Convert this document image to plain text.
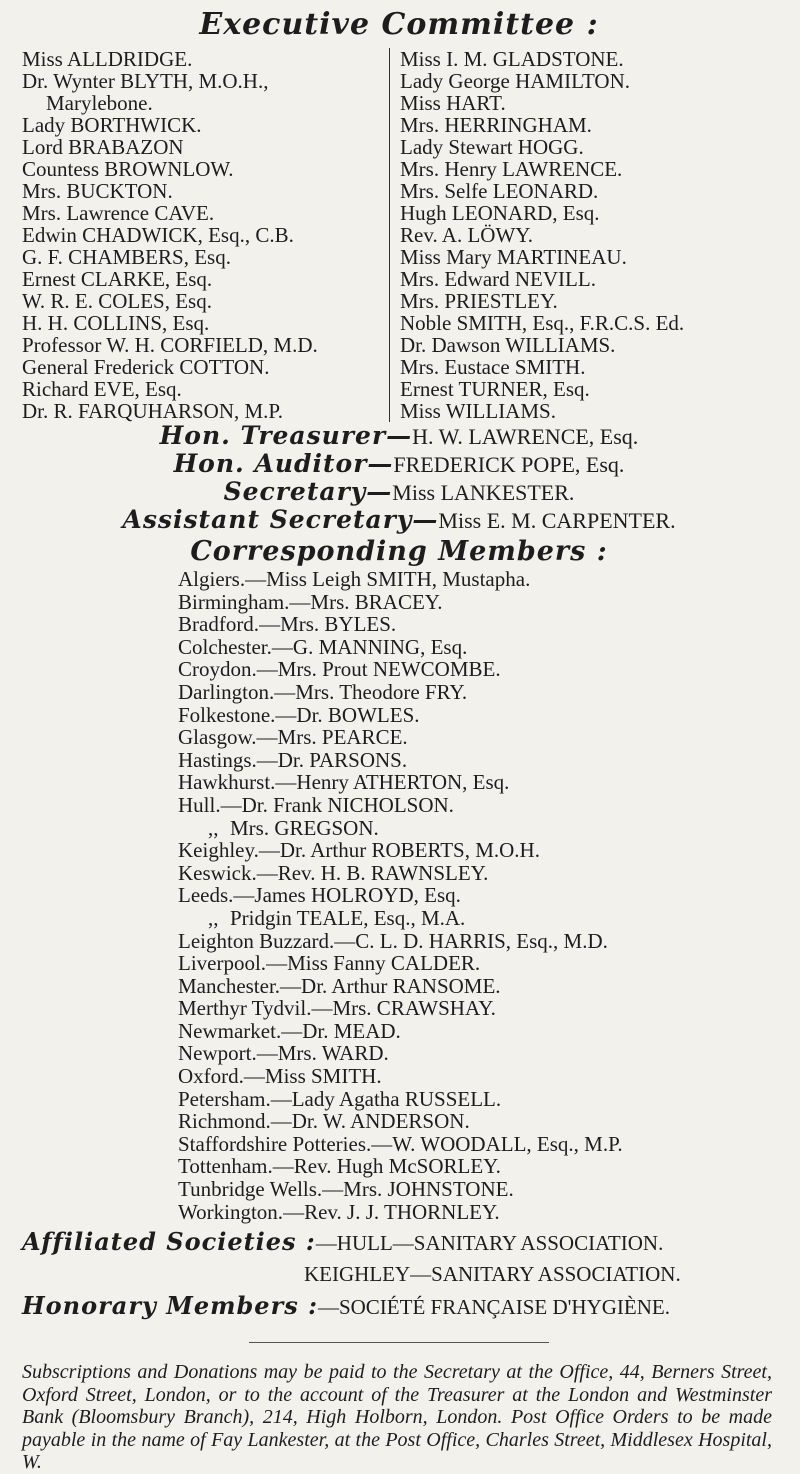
Executive Committee :
Miss ALLDRIDGE.
Dr. Wynter BLYTH, M.O.H.,
Marylebone.
Lady BORTHWICK.
Lord BRABAZON
Countess BROWNLOW.
Mrs. BUCKTON.
Mrs. Lawrence CAVE.
Edwin CHADWICK, Esq., C.B.
G. F. CHAMBERS, Esq.
Ernest CLARKE, Esq.
W. R. E. COLES, Esq.
H. H. COLLINS, Esq.
Professor W. H. CORFIELD, M.D.
General Frederick COTTON.
Richard EVE, Esq.
Dr. R. FARQUHARSON, M.P.
Miss I. M. GLADSTONE.
Lady George HAMILTON.
Miss HART.
Mrs. HERRINGHAM.
Lady Stewart HOGG.
Mrs. Henry LAWRENCE.
Mrs. Selfe LEONARD.
Hugh LEONARD, Esq.
Rev. A. LÖWY.
Miss Mary MARTINEAU.
Mrs. Edward NEVILL.
Mrs. PRIESTLEY.
Noble SMITH, Esq., F.R.C.S. Ed.
Dr. Dawson WILLIAMS.
Mrs. Eustace SMITH.
Ernest TURNER, Esq.
Miss WILLIAMS.
Hon. Treasurer—H. W. LAWRENCE, Esq.
Hon. Auditor—FREDERICK POPE, Esq.
Secretary—Miss LANKESTER.
Assistant Secretary—Miss E. M. CARPENTER.
Corresponding Members :
Algiers.—Miss Leigh SMITH, Mustapha.
Birmingham.—Mrs. BRACEY.
Bradford.—Mrs. BYLES.
Colchester.—G. MANNING, Esq.
Croydon.—Mrs. Prout NEWCOMBE.
Darlington.—Mrs. Theodore FRY.
Folkestone.—Dr. BOWLES.
Glasgow.—Mrs. PEARCE.
Hastings.—Dr. PARSONS.
Hawkhurst.—Henry ATHERTON, Esq.
Hull.—Dr. Frank NICHOLSON.
,, Mrs. GREGSON.
Keighley.—Dr. Arthur ROBERTS, M.O.H.
Keswick.—Rev. H. B. RAWNSLEY.
Leeds.—James HOLROYD, Esq.
,, Pridgin TEALE, Esq., M.A.
Leighton Buzzard.—C. L. D. HARRIS, Esq., M.D.
Liverpool.—Miss Fanny CALDER.
Manchester.—Dr. Arthur RANSOME.
Merthyr Tydvil.—Mrs. CRAWSHAY.
Newmarket.—Dr. MEAD.
Newport.—Mrs. WARD.
Oxford.—Miss SMITH.
Petersham.—Lady Agatha RUSSELL.
Richmond.—Dr. W. ANDERSON.
Staffordshire Potteries.—W. WOODALL, Esq., M.P.
Tottenham.—Rev. Hugh McSORLEY.
Tunbridge Wells.—Mrs. JOHNSTONE.
Workington.—Rev. J. J. THORNLEY.
Affiliated Societies :—HULL—SANITARY ASSOCIATION.
KEIGHLEY—SANITARY ASSOCIATION.
Honorary Members :—SOCIÉTÉ FRANÇAISE D'HYGIÈNE.
Subscriptions and Donations may be paid to the Secretary at the Office, 44, Berners Street, Oxford Street, London, or to the account of the Treasurer at the London and Westminster Bank (Bloomsbury Branch), 214, High Holborn, London. Post Office Orders to be made payable in the name of Fay Lankester, at the Post Office, Charles Street, Middlesex Hospital, W.
